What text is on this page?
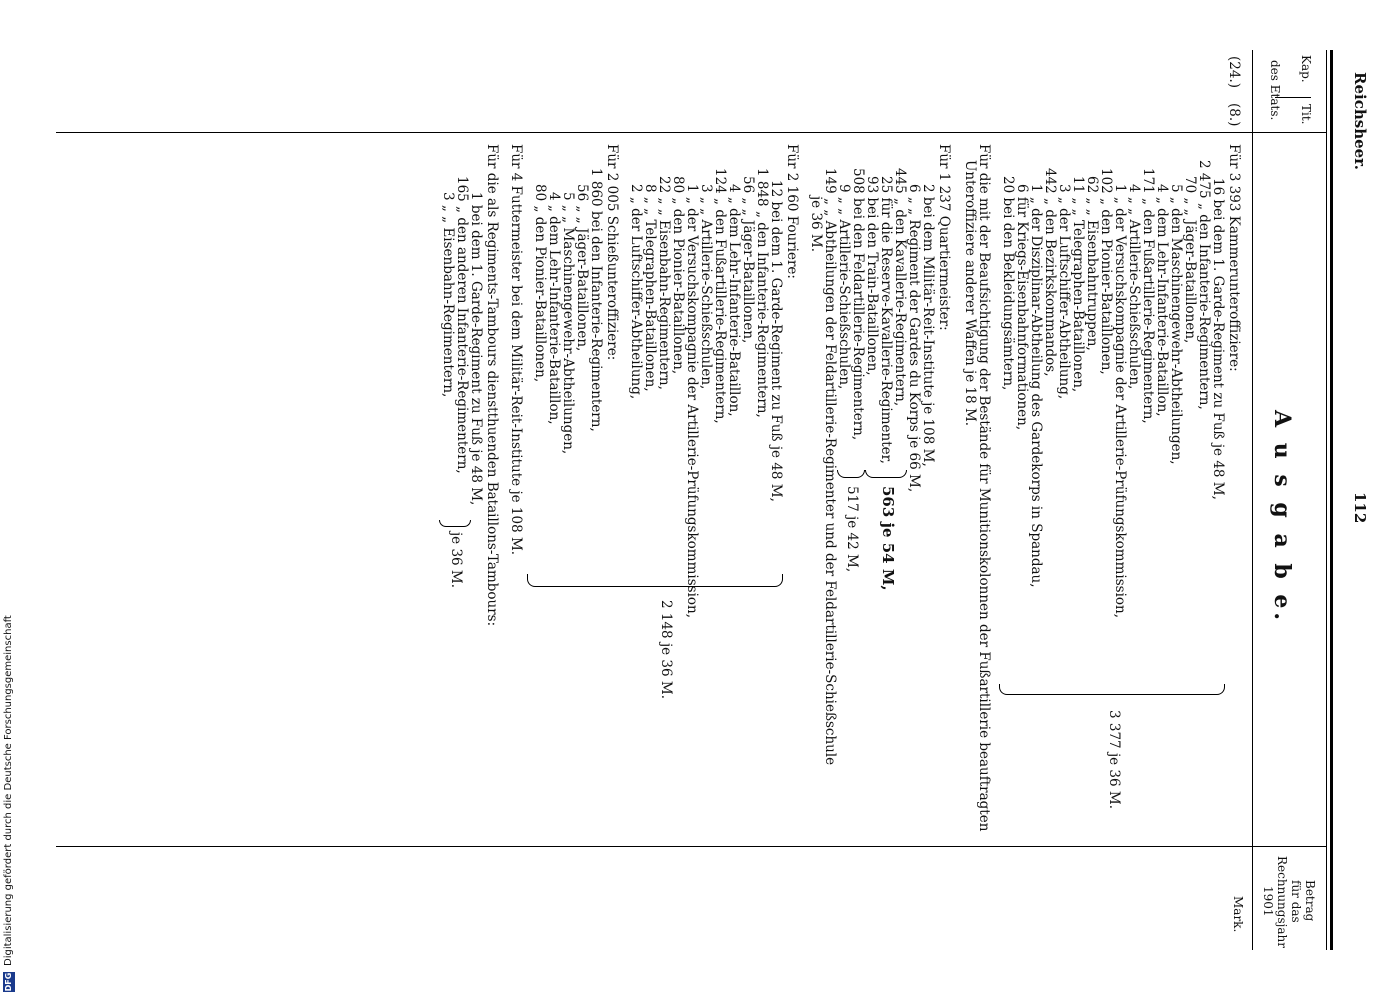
Reichsheer.
112
Kap.
Tit.
des Etats.
A u s g a b e.
Betrag
für das
Rechnungsjahr
1901
Mark.
(24.)
(8.)
Für 3 393 Kammerunteroffiziere:
16 bei dem 1. Garde-Regiment zu Fuß je 48 M,
2 475 „ den Infanterie-Regimentern,
70 „ „ Jäger-Bataillonen,
5 „ den Maschinengewehr-Abtheilungen,
4 „ dem Lehr-Infanterie-Bataillon,
171 „ den Fußartillerie-Regimentern,
4 „ „ Artillerie-Schießschulen,
1 „ der Versuchskompagnie der Artillerie-Prüfungskommission,
102 „ den Pionier-Bataillonen,
62 „ „ Eisenbahntruppen,
11 „ „ Telegraphen-Bataillonen,
3 „ der Luftschiffer-Abtheilung,
442 „ den Bezirkskommandos,
1 „ der Disziplinar-Abtheilung des Gardekorps in Spandau,
6 für Kriegs-Eisenbahnformationen,
20 bei den Bekleidungsämtern,
3 377 je 36 M.
Für die mit der Beaufsichtigung der Bestände für Munitionskolonnen der Fußartillerie beauftragten
Unteroffiziere anderer Waffen je 18 M.
Für 1 237 Quartiermeister:
2 bei dem Militär-Reit-Institute je 108 M,
6 „ „ Regiment der Gardes du Korps je 66 M,
445 „ den Kavallerie-Regimentern,
25 für die Reserve-Kavallerie-Regimenter,
93 bei den Train-Bataillonen,
508 bei den Feldartillerie-Regimentern,
9 „ „ Artillerie-Schießschulen,
149 „ „ Abtheilungen der Feldartillerie-Regimenter und der Feldartillerie-Schießschule
je 36 M.
563 je 54 M,
517 je 42 M,
Für 2 160 Fouriere:
12 bei dem 1. Garde-Regiment zu Fuß je 48 M,
1 848 „ den Infanterie-Regimentern,
56 „ „ Jäger-Bataillonen,
4 „ dem Lehr-Infanterie-Bataillon,
124 „ den Fußartillerie-Regimentern,
3 „ „ Artillerie-Schießschulen,
1 „ der Versuchskompagnie der Artillerie-Prüfungskommission,
80 „ den Pionier-Bataillonen,
22 „ „ Eisenbahn-Regimentern,
8 „ „ Telegraphen-Bataillonen,
2 „ der Luftschiffer-Abtheilung,
Für 2 005 Schießunteroffiziere:
1 860 bei den Infanterie-Regimentern,
56 „ „ Jäger-Bataillonen,
5 „ „ Maschinengewehr-Abtheilungen,
4 „ dem Lehr-Infanterie-Bataillon,
80 „ den Pionier-Bataillonen,
2 148 je 36 M.
Für 4 Futtermeister bei dem Militär-Reit-Institute je 108 M.
Für die als Regiments-Tambours dienstthuenden Bataillons-Tambours:
1 bei dem 1. Garde-Regiment zu Fuß je 48 M,
165 „ den anderen Infanterie-Regimentern,
3 „ „ Eisenbahn-Regimentern,
je 36 M.
DFG
Digitalisierung gefördert durch die Deutsche Forschungsgemeinschaft
